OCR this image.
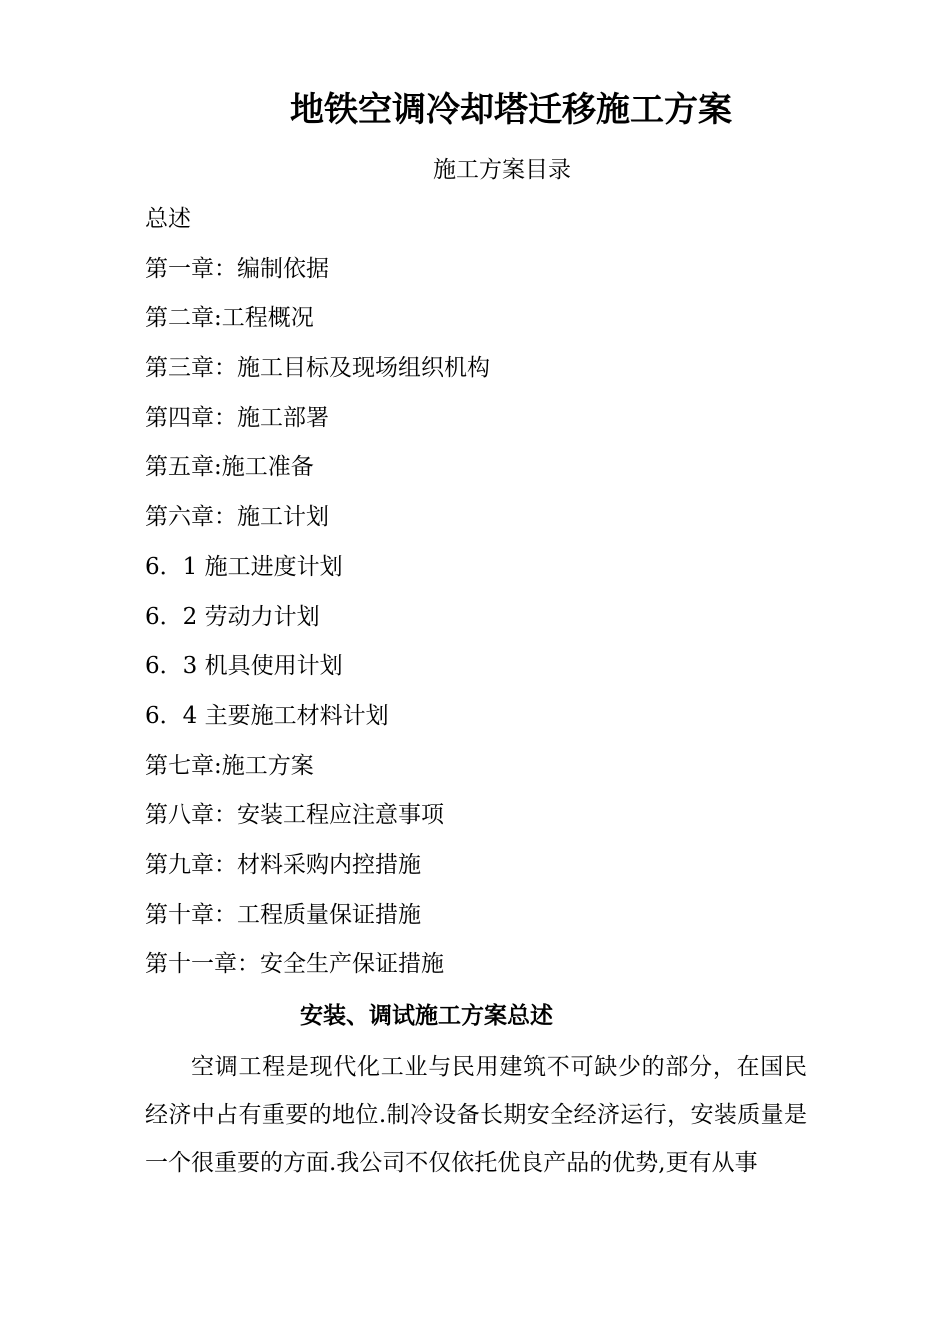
地铁空调冷却塔迁移施工方案
施工方案目录
总述
第一章：编制依据
第二章:工程概况
第三章：施工目标及现场组织机构
第四章：施工部署
第五章:施工准备
第六章：施工计划
6．1 施工进度计划
6．2 劳动力计划
6．3 机具使用计划
6．4 主要施工材料计划
第七章:施工方案
第八章：安装工程应注意事项
第九章：材料采购内控措施
第十章：工程质量保证措施
第十一章：安全生产保证措施
安装、调试施工方案总述

空调工程是现代化工业与民用建筑不可缺少的部分，在国民经济中占有重要的地位.制冷设备长期安全经济运行，安装质量是一个很重要的方面.我公司不仅依托优良产品的优势,更有从事
